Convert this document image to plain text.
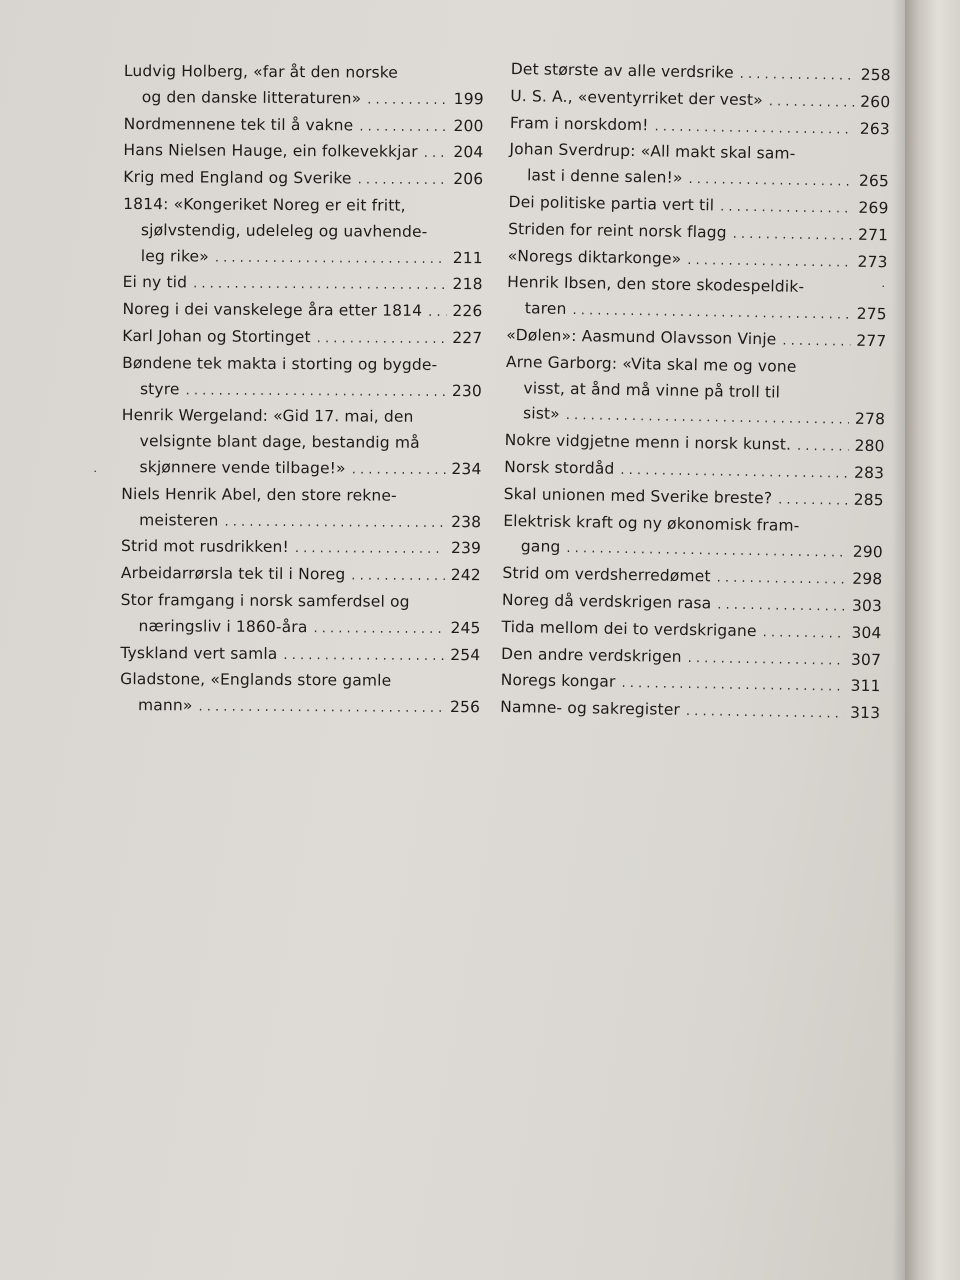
Ludvig Holberg, «far åt den norske
og den danske litteraturen» . . .	199
Nordmennene tek til å vakne . . .	200
Hans Nielsen Hauge, ein folkevekkjar . . . 204
Krig med England og Sverike . . .	206
1814: «Kongeriket Noreg er eit fritt,
sjølvstendig, udeleleg og uavhende-
leg rike» . . .	211
Ei ny tid . . .	218
Noreg i dei vanskelege åra etter 1814 . . . 226
Karl Johan og Stortinget . . .	227
Bøndene tek makta i storting og bygde-
styre . . .	230
Henrik Wergeland: «Gid 17. mai, den
velsignte blant dage, bestandig må
skjønnere vende tilbage!» . . .	234
Niels Henrik Abel, den store rekne-
meisteren . . .	238
Strid mot rusdrikken! . . .	239
Arbeidarrørsla tek til i Noreg . . .	242
Stor framgang i norsk samferdsel og
næringsliv i 1860-åra . . .	245
Tyskland vert samla . . .	254
Gladstone, «Englands store gamle
mann» . . .	256
Det største av alle verdsrike . . .	258
U. S. A., «eventyrriket der vest» . . .	260
Fram i norskdom! . . .	263
Johan Sverdrup: «All makt skal sam-
last i denne salen!» . . .	265
Dei politiske partia vert til . . .	269
Striden for reint norsk flagg . . .	271
«Noregs diktarkonge» . . .	273
Henrik Ibsen, den store skodespeldik-
taren . . .	275
«Dølen»: Aasmund Olavsson Vinje . . .	277
Arne Garborg: «Vita skal me og vone
visst, at ånd må vinne på troll til
sist» . . .	278
Nokre vidgjetne menn i norsk kunst. . . .	280
Norsk stordåd . . .	283
Skal unionen med Sverike breste? . . .	285
Elektrisk kraft og ny økonomisk fram-
gang . . .	290
Strid om verdsherredømet . . .	298
Noreg då verdskrigen rasa . . .	303
Tida mellom dei to verdskrigane . . .	304
Den andre verdskrigen . . .	307
Noregs kongar . . .	311
Namne- og sakregister . . .	313
˙
˙
